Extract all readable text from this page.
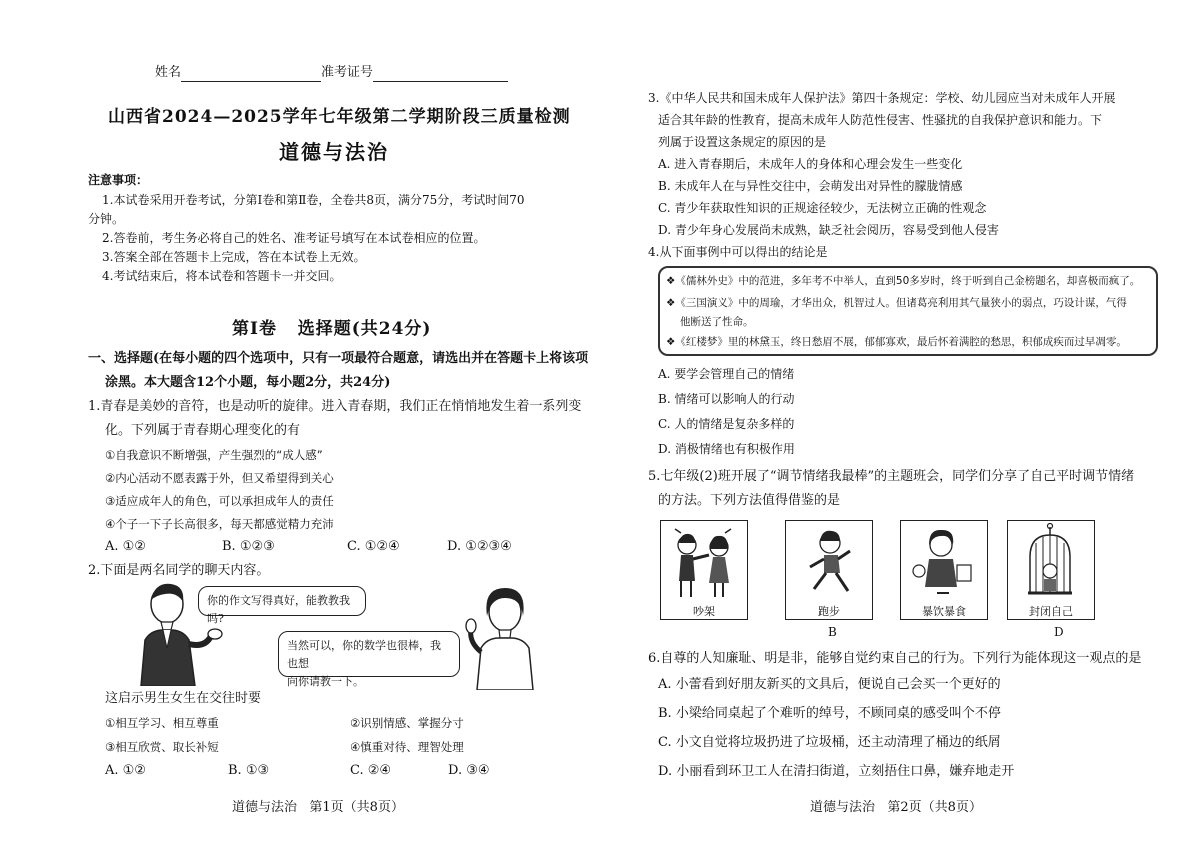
姓名	准考证号
山西省2024—2025学年七年级第二学期阶段三质量检测
道德与法治
注意事项：
1.本试卷采用开卷考试，分第Ⅰ卷和第Ⅱ卷，全卷共8页，满分75分，考试时间70
分钟。
2.答卷前，考生务必将自己的姓名、准考证号填写在本试卷相应的位置。
3.答案全部在答题卡上完成，答在本试卷上无效。
4.考试结束后，将本试卷和答题卡一并交回。
第Ⅰ卷   选择题(共24分)
一、选择题(在每小题的四个选项中，只有一项最符合题意，请选出并在答题卡上将该项
涂黑。本大题含12个小题，每小题2分，共24分)
1.青春是美妙的音符，也是动听的旋律。进入青春期，我们正在悄悄地发生着一系列变
化。下列属于青春期心理变化的有
①自我意识不断增强，产生强烈的“成人感”
②内心活动不愿表露于外，但又希望得到关心
③适应成年人的角色，可以承担成年人的责任
④个子一下子长高很多，每天都感觉精力充沛
A. ①②	B. ①②③	C. ①②④	D. ①②③④
2.下面是两名同学的聊天内容。
你的作文写得真好，能教教我吗?
当然可以，你的数学也很棒，我也想
向你请教一下。
这启示男生女生在交往时要
①相互学习、相互尊重	②识别情感、掌握分寸
③相互欣赏、取长补短	④慎重对待、理智处理
A. ①②	B. ①③	C. ②④	D. ③④
道德与法治   第1页（共8页）
3.《中华人民共和国未成年人保护法》第四十条规定：学校、幼儿园应当对未成年人开展
适合其年龄的性教育，提高未成年人防范性侵害、性骚扰的自我保护意识和能力。下
列属于设置这条规定的原因的是
A. 进入青春期后，未成年人的身体和心理会发生一些变化
B. 未成年人在与异性交往中，会萌发出对异性的朦胧情感
C. 青少年获取性知识的正规途径较少，无法树立正确的性观念
D. 青少年身心发展尚未成熟，缺乏社会阅历，容易受到他人侵害
4.从下面事例中可以得出的结论是
❖《儒林外史》中的范进，多年考不中举人，直到50多岁时，终于听到自己金榜题名，却喜极而疯了。
❖《三国演义》中的周瑜，才华出众，机智过人。但诸葛亮利用其气量狭小的弱点，巧设计谋，气得
他断送了性命。
❖《红楼梦》里的林黛玉，终日愁眉不展，郁郁寡欢，最后怀着满腔的愁思，积郁成疾而过早凋零。
A. 要学会管理自己的情绪
B. 情绪可以影响人的行动
C. 人的情绪是复杂多样的
D. 消极情绪也有积极作用
5.七年级(2)班开展了“调节情绪我最棒”的主题班会，同学们分享了自己平时调节情绪
的方法。下列方法值得借鉴的是
吵架	跑步
B
暴饮暴食	封闭自己
D
6.自尊的人知廉耻、明是非，能够自觉约束自己的行为。下列行为能体现这一观点的是
A. 小蕾看到好朋友新买的文具后，便说自己会买一个更好的
B. 小梁给同桌起了个难听的绰号，不顾同桌的感受叫个不停
C. 小文自觉将垃圾扔进了垃圾桶，还主动清理了桶边的纸屑
D. 小丽看到环卫工人在清扫街道，立刻捂住口鼻，嫌弃地走开
道德与法治   第2页（共8页）
